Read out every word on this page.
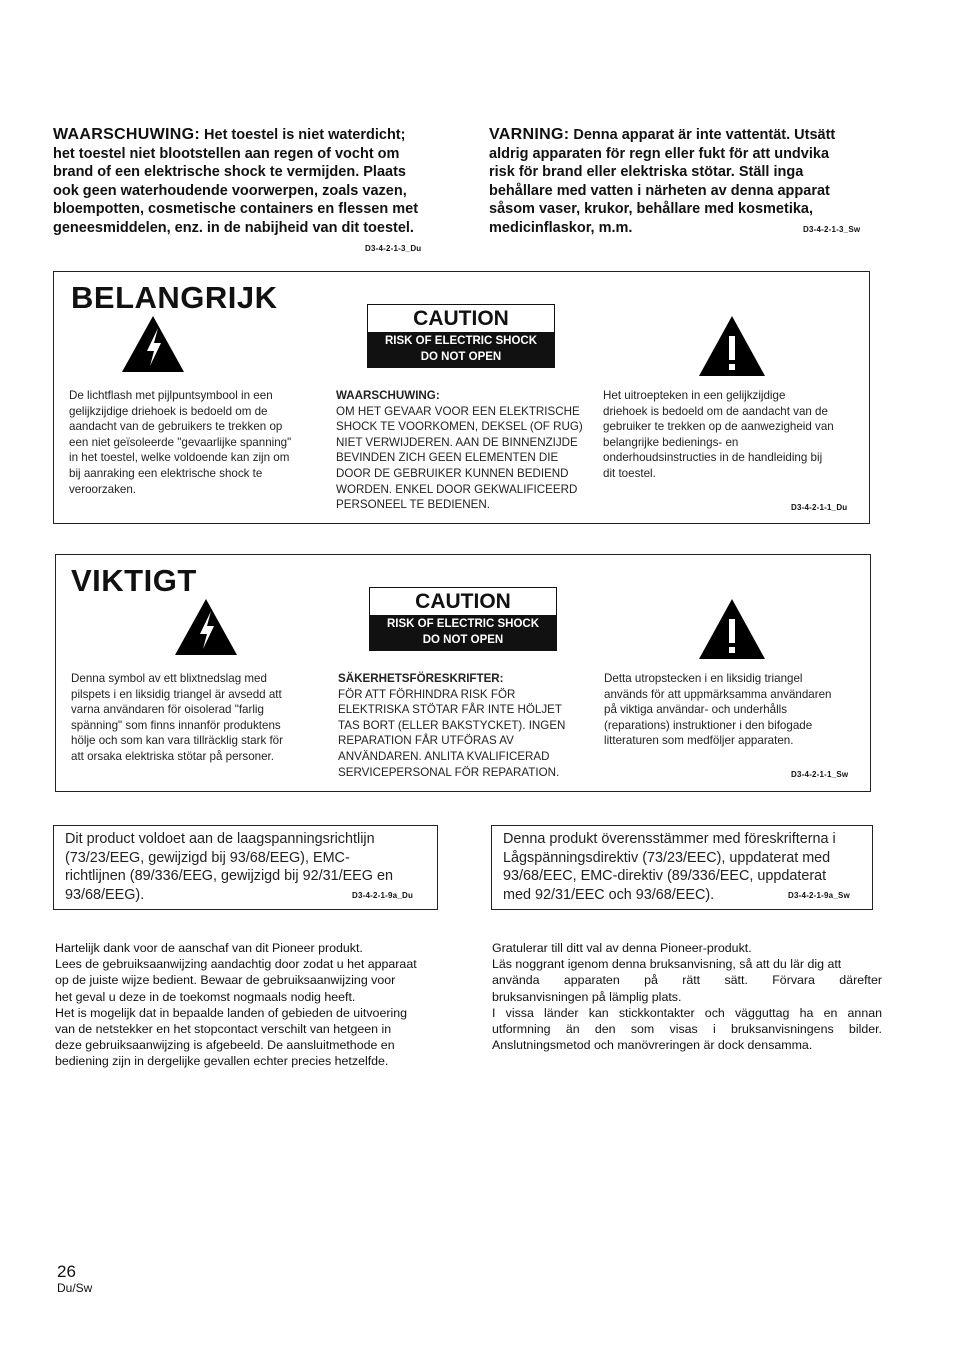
WAARSCHUWING: Het toestel is niet waterdicht;
het toestel niet blootstellen aan regen of vocht om
brand of een elektrische shock te vermijden. Plaats
ook geen waterhoudende voorwerpen, zoals vazen,
bloempotten, cosmetische containers en flessen met
geneesmiddelen, enz. in de nabijheid van dit toestel.
D3-4-2-1-3_Du
VARNING: Denna apparat är inte vattentät. Utsätt
aldrig apparaten för regn eller fukt för att undvika
risk för brand eller elektriska stötar. Ställ inga
behållare med vatten i närheten av denna apparat
såsom vaser, krukor, behållare med kosmetika,
medicinflaskor, m.m.	D3-4-2-1-3_Sw
BELANGRIJK
CAUTION
RISK OF ELECTRIC SHOCK
DO NOT OPEN
De lichtflash met pijlpuntsymbool in een
gelijkzijdige driehoek is bedoeld om de
aandacht van de gebruikers te trekken op
een niet geïsoleerde "gevaarlijke spanning"
in het toestel, welke voldoende kan zijn om
bij aanraking een elektrische shock te
veroorzaken.
WAARSCHUWING:
OM HET GEVAAR VOOR EEN ELEKTRISCHE
SHOCK TE VOORKOMEN, DEKSEL (OF RUG)
NIET VERWIJDEREN. AAN DE BINNENZIJDE
BEVINDEN ZICH GEEN ELEMENTEN DIE
DOOR DE GEBRUIKER KUNNEN BEDIEND
WORDEN. ENKEL DOOR GEKWALIFICEERD
PERSONEEL TE BEDIENEN.
Het uitroepteken in een gelijkzijdige
driehoek is bedoeld om de aandacht van de
gebruiker te trekken op de aanwezigheid van
belangrijke bedienings- en
onderhoudsinstructies in de handleiding bij
dit toestel.
D3-4-2-1-1_Du
VIKTIGT
CAUTION
RISK OF ELECTRIC SHOCK
DO NOT OPEN
Denna symbol av ett blixtnedslag med
pilspets i en liksidig triangel är avsedd att
varna användaren för oisolerad "farlig
spänning" som finns innanför produktens
hölje och som kan vara tillräcklig stark för
att orsaka elektriska stötar på personer.
SÄKERHETSFÖRESKRIFTER:
FÖR ATT FÖRHINDRA RISK FÖR
ELEKTRISKA STÖTAR FÅR INTE HÖLJET
TAS BORT (ELLER BAKSTYCKET). INGEN
REPARATION FÅR UTFÖRAS AV
ANVÄNDAREN. ANLITA KVALIFICERAD
SERVICEPERSONAL FÖR REPARATION.
Detta utropstecken i en liksidig triangel
används för att uppmärksamma användaren
på viktiga användar- och underhålls
(reparations) instruktioner i den bifogade
litteraturen som medföljer apparaten.
D3-4-2-1-1_Sw
Dit product voldoet aan de laagspanningsrichtlijn
(73/23/EEG, gewijzigd bij 93/68/EEG), EMC-
richtlijnen (89/336/EEG, gewijzigd bij 92/31/EEG en
93/68/EEG).	D3-4-2-1-9a_Du
Denna produkt överensstämmer med föreskrifterna i
Lågspänningsdirektiv (73/23/EEC), uppdaterat med
93/68/EEC, EMC-direktiv (89/336/EEC, uppdaterat
med 92/31/EEC och 93/68/EEC).	D3-4-2-1-9a_Sw
Hartelijk dank voor de aanschaf van dit Pioneer produkt.
Lees de gebruiksaanwijzing aandachtig door zodat u het apparaat
op de juiste wijze bedient. Bewaar de gebruiksaanwijzing voor
het geval u deze in de toekomst nogmaals nodig heeft.
Het is mogelijk dat in bepaalde landen of gebieden de uitvoering
van de netstekker en het stopcontact verschilt van hetgeen in
deze gebruiksaanwijzing is afgebeeld. De aansluitmethode en
bediening zijn in dergelijke gevallen echter precies hetzelfde.
Gratulerar till ditt val av denna Pioneer-produkt.
Läs noggrant igenom denna bruksanvisning, så att du lär dig att
använda apparaten på rätt sätt. Förvara därefter
bruksanvisningen på lämplig plats.
I vissa länder kan stickkontakter och vägguttag ha en annan
utformning än den som visas i bruksanvisningens bilder.
Anslutningsmetod och manövreringen är dock densamma.
26
Du/Sw
